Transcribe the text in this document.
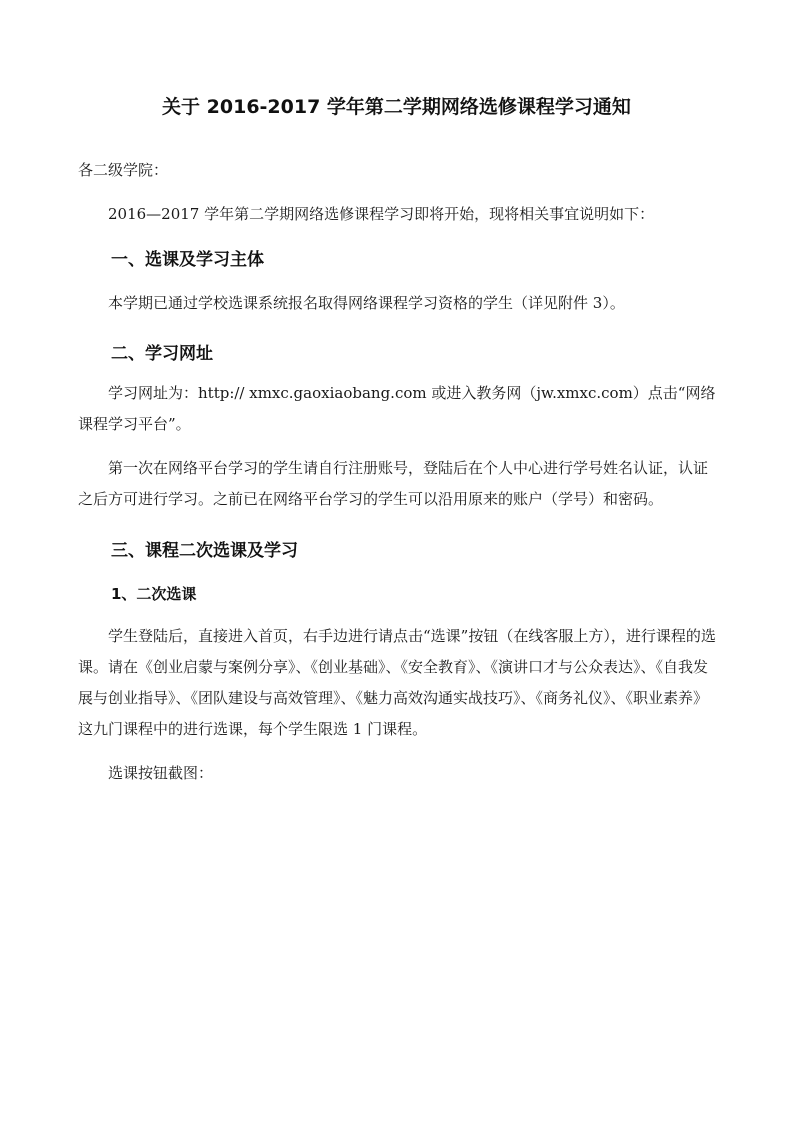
关于 2016-2017 学年第二学期网络选修课程学习通知
各二级学院：

2016—2017 学年第二学期网络选修课程学习即将开始，现将相关事宜说明如下：

一、选课及学习主体

本学期已通过学校选课系统报名取得网络课程学习资格的学生（详见附件 3）。

二、学习网址

学习网址为：http:// xmxc.gaoxiaobang.com 或进入教务网（jw.xmxc.com）点击“网络课程学习平台”。

第一次在网络平台学习的学生请自行注册账号，登陆后在个人中心进行学号姓名认证，认证之后方可进行学习。之前已在网络平台学习的学生可以沿用原来的账户（学号）和密码。

三、课程二次选课及学习
1、二次选课

学生登陆后，直接进入首页，右手边进行请点击“选课”按钮（在线客服上方），进行课程的选课。请在《创业启蒙与案例分享》、《创业基础》、《安全教育》、《演讲口才与公众表达》、《自我发展与创业指导》、《团队建设与高效管理》、《魅力高效沟通实战技巧》、《商务礼仪》、《职业素养》这九门课程中的进行选课，每个学生限选 1 门课程。

选课按钮截图：
